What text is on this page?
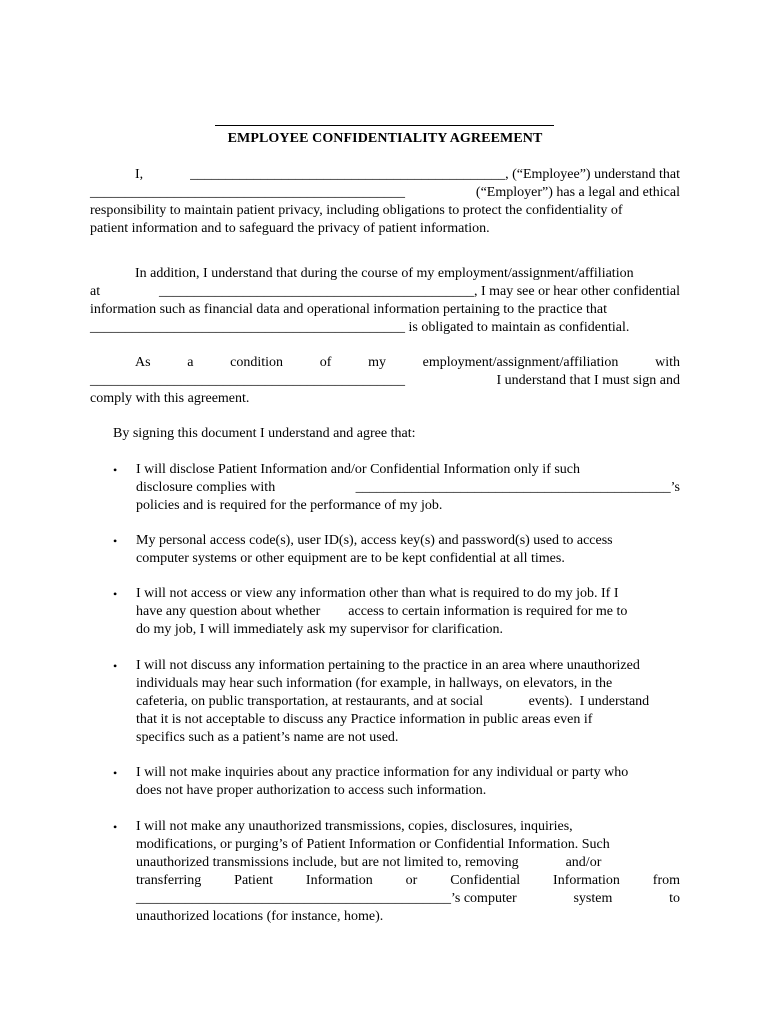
EMPLOYEE CONFIDENTIALITY AGREEMENT
I,	_____________________________________________, (“Employee”) understand that
_____________________________________________	(“Employer”) has a legal and ethical
responsibility to maintain patient privacy, including obligations to protect the confidentiality of
patient information and to safeguard the privacy of patient information.
In addition, I understand that during the course of my employment/assignment/affiliation
at	_____________________________________________, I may see or hear other confidential
information such as financial data and operational information pertaining to the practice that
_____________________________________________ is obligated to maintain as confidential.
As	a	condition	of	my	employment/assignment/affiliation	with
_____________________________________________	I understand that I must sign and
comply with this agreement.
By signing this document I understand and agree that:
• I will disclose Patient Information and/or Confidential Information only if such
disclosure complies with	_____________________________________________’s
policies and is required for the performance of my job.
• My personal access code(s), user ID(s), access key(s) and password(s) used to access
computer systems or other equipment are to be kept confidential at all times.
• I will not access or view any information other than what is required to do my job. If I
have any question about whether        access to certain information is required for me to
do my job, I will immediately ask my supervisor for clarification.
• I will not discuss any information pertaining to the practice in an area where unauthorized
individuals may hear such information (for example, in hallways, on elevators, in the
cafeteria, on public transportation, at restaurants, and at social             events).  I understand
that it is not acceptable to discuss any Practice information in public areas even if
specifics such as a patient’s name are not used.
• I will not make inquiries about any practice information for any individual or party who
does not have proper authorization to access such information.
• I will not make any unauthorized transmissions, copies, disclosures, inquiries,
modifications, or purging’s of Patient Information or Confidential Information. Such
unauthorized transmissions include, but are not limited to, removing	and/or
transferring Patient Information or Confidential Information from
_____________________________________________’s computer	system	to
unauthorized locations (for instance, home).
